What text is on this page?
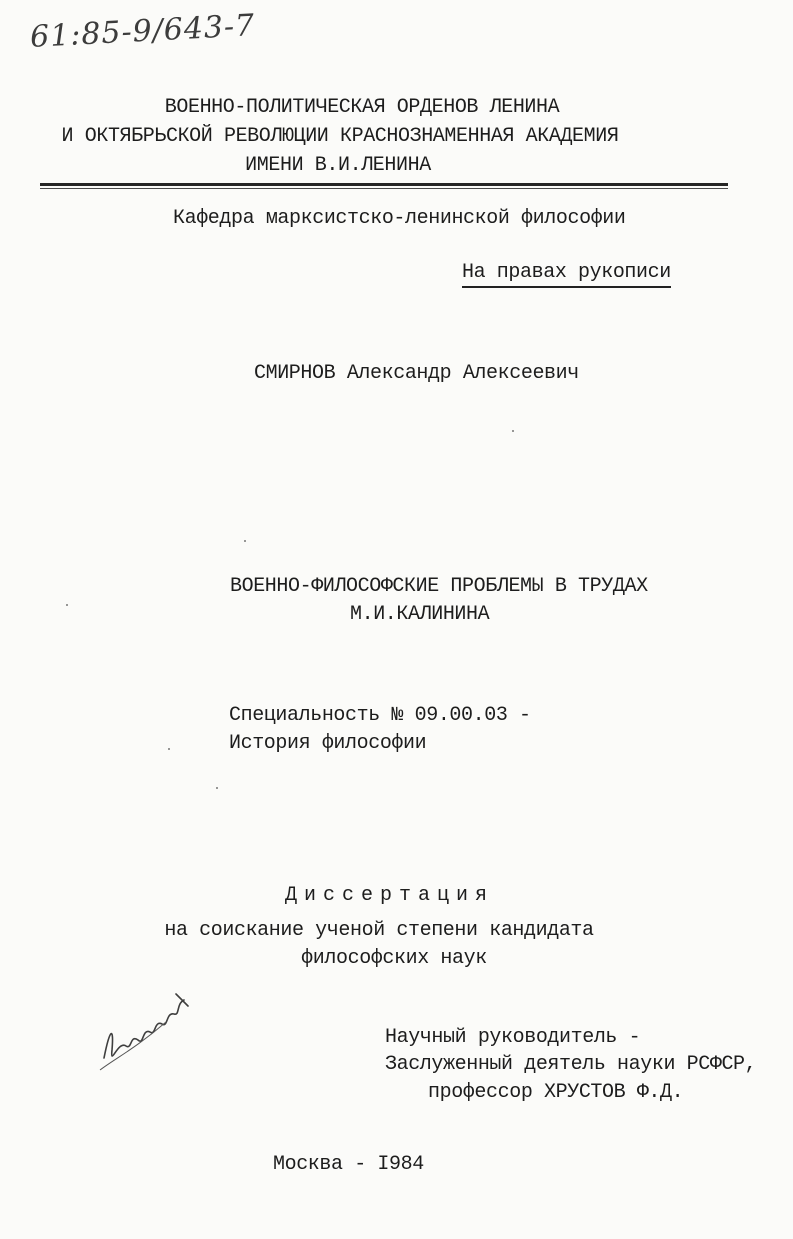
61:85-9/643-7
ВОЕННО-ПОЛИТИЧЕСКАЯ ОРДЕНОВ ЛЕНИНА
И ОКТЯБРЬСКОЙ РЕВОЛЮЦИИ КРАСНОЗНАМЕННАЯ АКАДЕМИЯ
ИМЕНИ В.И.ЛЕНИНА
Кафедра марксистско-ленинской философии
На правах рукописи
СМИРНОВ Александр Алексеевич
ВОЕННО-ФИЛОСОФСКИЕ ПРОБЛЕМЫ В ТРУДАХ
М.И.КАЛИНИНА
Специальность № 09.00.03 -
История философии
Диссертация
на соискание ученой степени кандидата
философских наук
Научный руководитель -
Заслуженный деятель науки РСФСР,
профессор ХРУСТОВ Ф.Д.
Москва - I984
